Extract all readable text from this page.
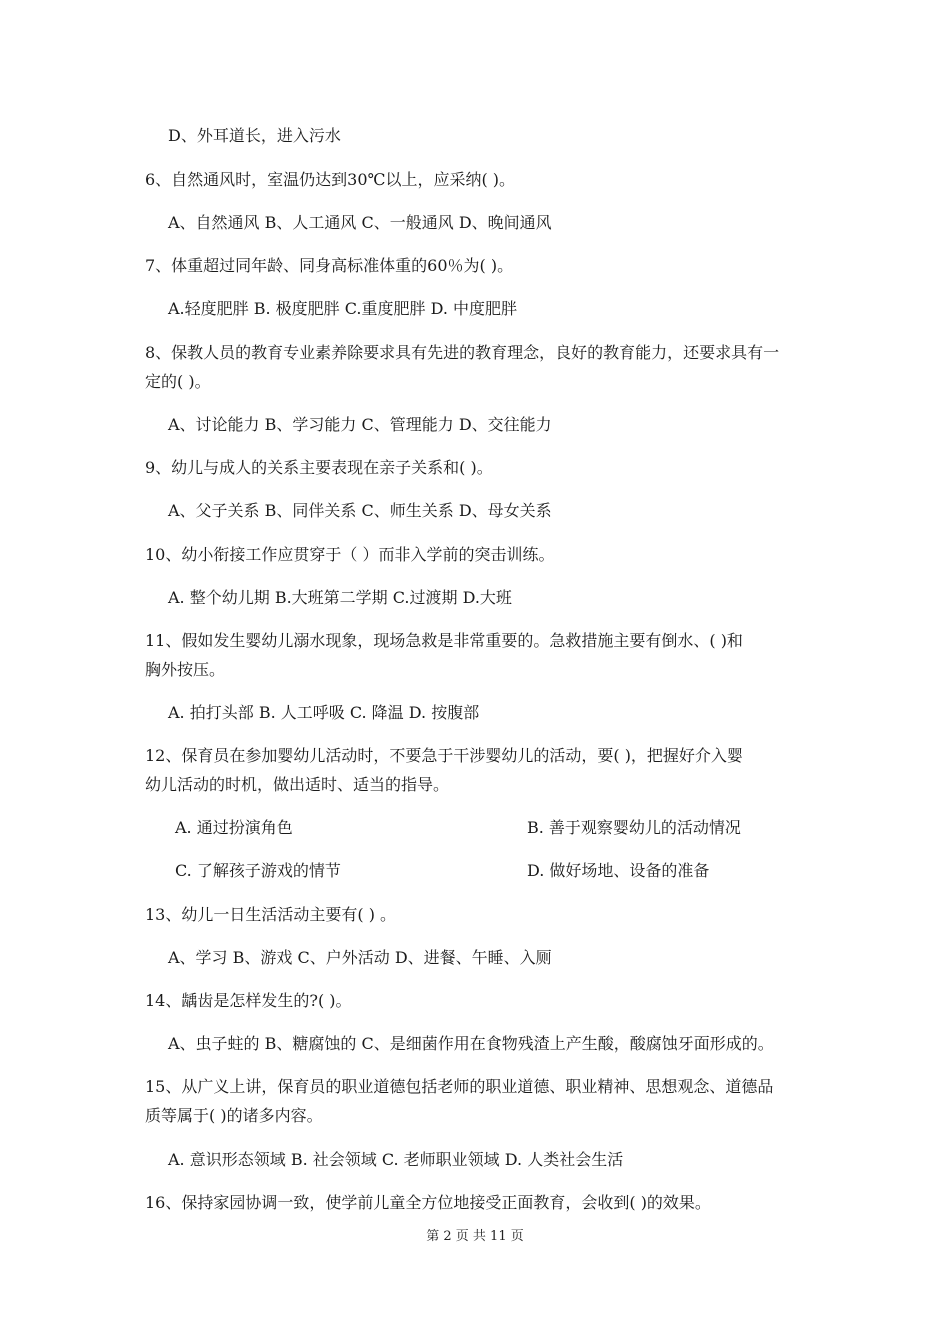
D、外耳道长，进入污水
6、自然通风时，室温仍达到30℃以上，应采纳( )。
A、自然通风 B、人工通风 C、一般通风 D、晚间通风
7、体重超过同年龄、同身高标准体重的60％为( )。
A.轻度肥胖 B. 极度肥胖 C.重度肥胖 D. 中度肥胖
8、保教人员的教育专业素养除要求具有先进的教育理念，良好的教育能力，还要求具有一
定的( )。
A、讨论能力 B、学习能力 C、管理能力 D、交往能力
9、幼儿与成人的关系主要表现在亲子关系和( )。
A、父子关系 B、同伴关系 C、师生关系 D、母女关系
10、幼小衔接工作应贯穿于（ ）而非入学前的突击训练。
A. 整个幼儿期 B.大班第二学期 C.过渡期 D.大班
11、假如发生婴幼儿溺水现象，现场急救是非常重要的。急救措施主要有倒水、( )和
胸外按压。
A. 拍打头部 B. 人工呼吸 C. 降温 D. 按腹部
12、保育员在参加婴幼儿活动时，不要急于干涉婴幼儿的活动，要( )，把握好介入婴
幼儿活动的时机，做出适时、适当的指导。
A. 通过扮演角色	B. 善于观察婴幼儿的活动情况
C. 了解孩子游戏的情节	D. 做好场地、设备的准备
13、幼儿一日生活活动主要有( ) 。
A、学习 B、游戏 C、户外活动 D、进餐、午睡、入厕
14、龋齿是怎样发生的?( )。
A、虫子蛀的 B、糖腐蚀的 C、是细菌作用在食物残渣上产生酸，酸腐蚀牙面形成的。
15、从广义上讲，保育员的职业道德包括老师的职业道德、职业精神、思想观念、道德品
质等属于( )的诸多内容。
A. 意识形态领域 B. 社会领域 C. 老师职业领域 D. 人类社会生活
16、保持家园协调一致，使学前儿童全方位地接受正面教育，会收到( )的效果。
第 2 页 共 11 页
